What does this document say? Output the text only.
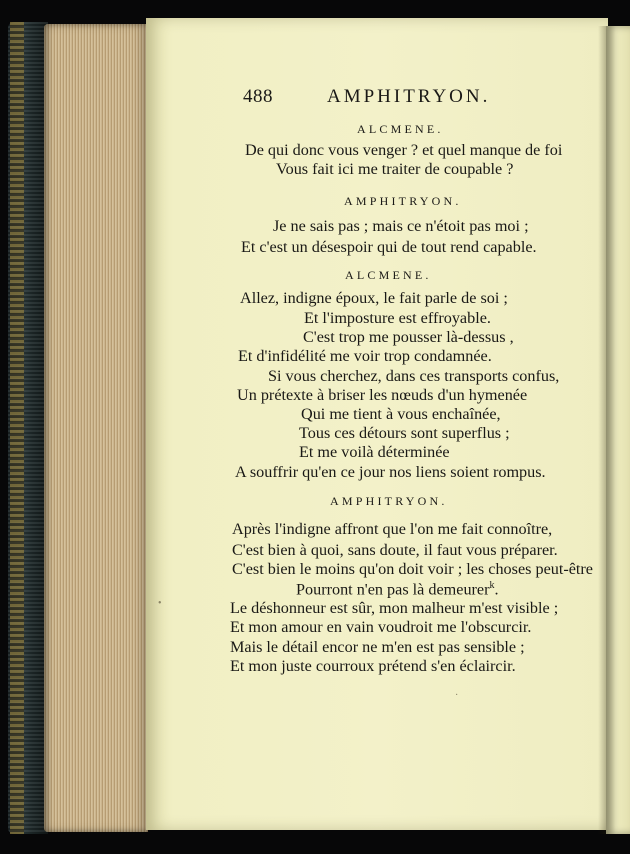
488	AMPHITRYON.
ALCMENE.
De qui donc vous venger ? et quel manque de foi
Vous fait ici me traiter de coupable ?
AMPHITRYON.
Je ne sais pas ; mais ce n'étoit pas moi ;
Et c'est un désespoir qui de tout rend capable.
ALCMENE.
Allez, indigne époux, le fait parle de soi ;
Et l'imposture est effroyable.
C'est trop me pousser là-dessus ,
Et d'infidélité me voir trop condamnée.
Si vous cherchez, dans ces transports confus,
Un prétexte à briser les nœuds d'un hymenée
Qui me tient à vous enchaînée,
Tous ces détours sont superflus ;
Et me voilà déterminée
A souffrir qu'en ce jour nos liens soient rompus.
AMPHITRYON.
Après l'indigne affront que l'on me fait connoître,
C'est bien à quoi, sans doute, il faut vous préparer.
C'est bien le moins qu'on doit voir ; les choses peut-être
Pourront n'en pas là demeurer$^k$.
Le déshonneur est sûr, mon malheur m'est visible ;
Et mon amour en vain voudroit me l'obscurcir.
Mais le détail encor ne m'en est pas sensible ;
Et mon juste courroux prétend s'en éclaircir.
•
·
